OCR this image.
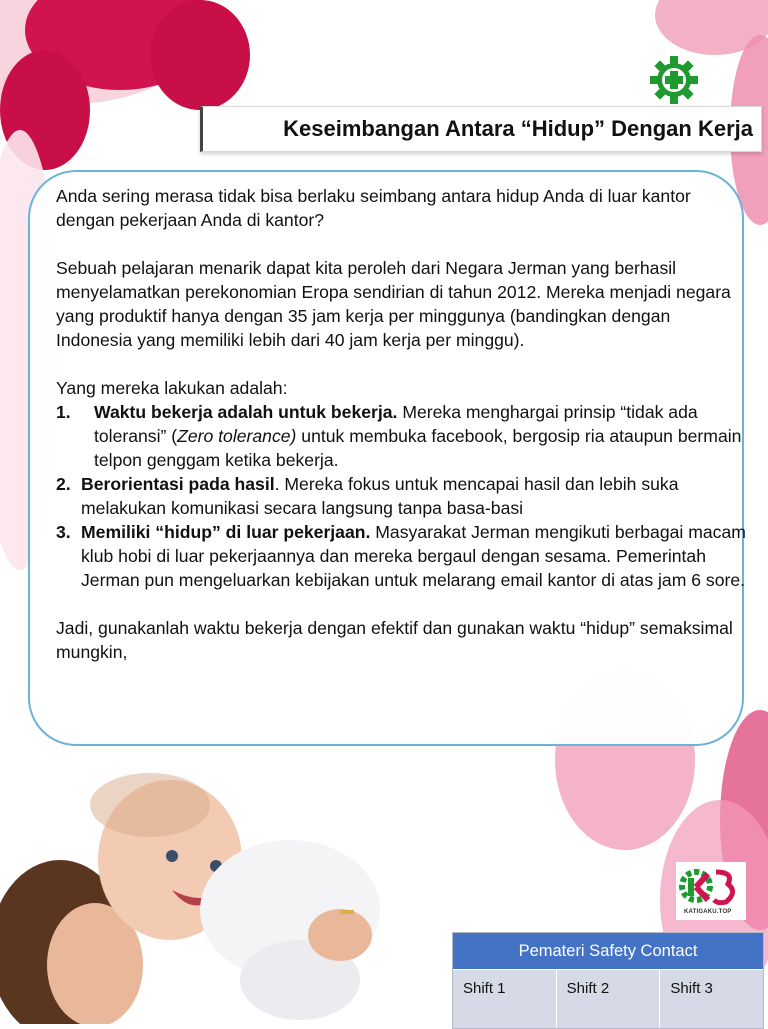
Keseimbangan Antara “Hidup” Dengan Kerja

Anda sering merasa tidak bisa berlaku seimbang antara hidup Anda di luar kantor dengan pekerjaan Anda di kantor?

Sebuah pelajaran menarik dapat kita peroleh dari Negara Jerman yang berhasil menyelamatkan perekonomian Eropa sendirian di tahun 2012. Mereka menjadi negara yang produktif hanya dengan 35 jam kerja per minggunya (bandingkan dengan Indonesia yang memiliki lebih dari 40 jam kerja per minggu).

Yang mereka lakukan adalah:
1. Waktu bekerja adalah untuk bekerja. Mereka menghargai prinsip “tidak ada toleransi” (Zero tolerance) untuk membuka facebook, bergosip ria ataupun bermain telpon genggam ketika bekerja.
2. Berorientasi pada hasil. Mereka fokus untuk mencapai hasil dan lebih suka melakukan komunikasi secara langsung tanpa basa-basi
3. Memiliki “hidup” di luar pekerjaan. Masyarakat Jerman mengikuti berbagai macam klub hobi di luar pekerjaannya dan mereka bergaul dengan sesama. Pemerintah Jerman pun mengeluarkan kebijakan untuk melarang email kantor di atas jam 6 sore.

Jadi, gunakanlah waktu bekerja dengan efektif dan gunakan waktu “hidup” semaksimal mungkin,

KATIGAKU.TOP
Pemateri Safety Contact
Shift 1	Shift 2	Shift 3
